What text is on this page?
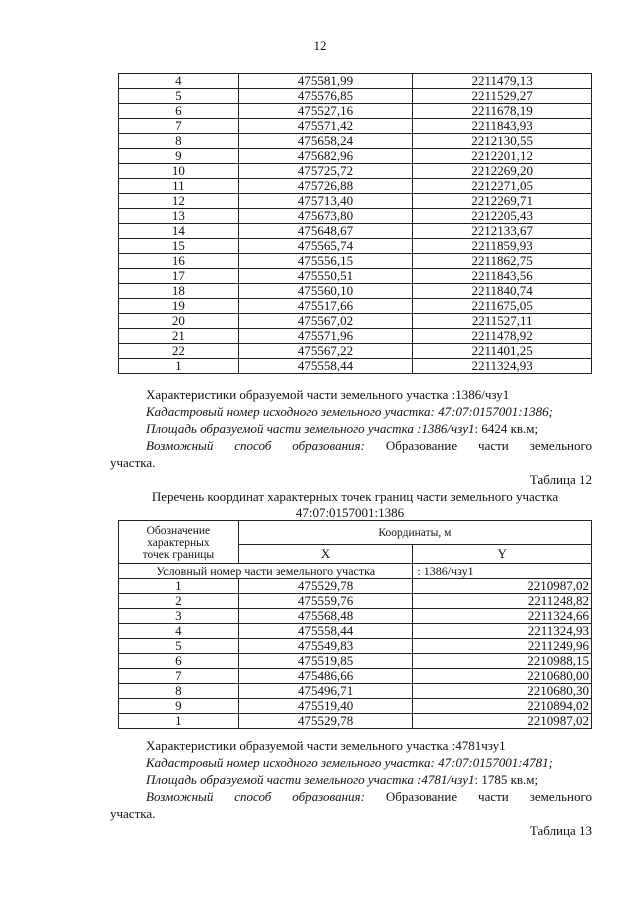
12
4	475581,99	2211479,13
5	475576,85	2211529,27
6	475527,16	2211678,19
7	475571,42	2211843,93
8	475658,24	2212130,55
9	475682,96	2212201,12
10	475725,72	2212269,20
11	475726,88	2212271,05
12	475713,40	2212269,71
13	475673,80	2212205,43
14	475648,67	2212133,67
15	475565,74	2211859,93
16	475556,15	2211862,75
17	475550,51	2211843,56
18	475560,10	2211840,74
19	475517,66	2211675,05
20	475567,02	2211527,11
21	475571,96	2211478,92
22	475567,22	2211401,25
1	475558,44	2211324,93
Характеристики образуемой части земельного участка :1386/чзу1
Кадастровый номер исходного земельного участка: 47:07:0157001:1386;
Площадь образуемой части земельного участка :1386/чзу1: 6424 кв.м;
Возможный способ образования: Образование части земельного
участка.
Таблица 12
Перечень координат характерных точек границ части земельного участка
47:07:0157001:1386
Обозначение
характерных
точек границы	Координаты, м	
	X	Y
Условный номер части земельного участка		: 1386/чзу1
1	475529,78	2210987,02
2	475559,76	2211248,82
3	475568,48	2211324,66
4	475558,44	2211324,93
5	475549,83	2211249,96
6	475519,85	2210988,15
7	475486,66	2210680,00
8	475496,71	2210680,30
9	475519,40	2210894,02
1	475529,78	2210987,02
Характеристики образуемой части земельного участка :4781чзу1
Кадастровый номер исходного земельного участка: 47:07:0157001:4781;
Площадь образуемой части земельного участка :4781/чзу1: 1785 кв.м;
Возможный способ образования: Образование части земельного
участка.
Таблица 13
